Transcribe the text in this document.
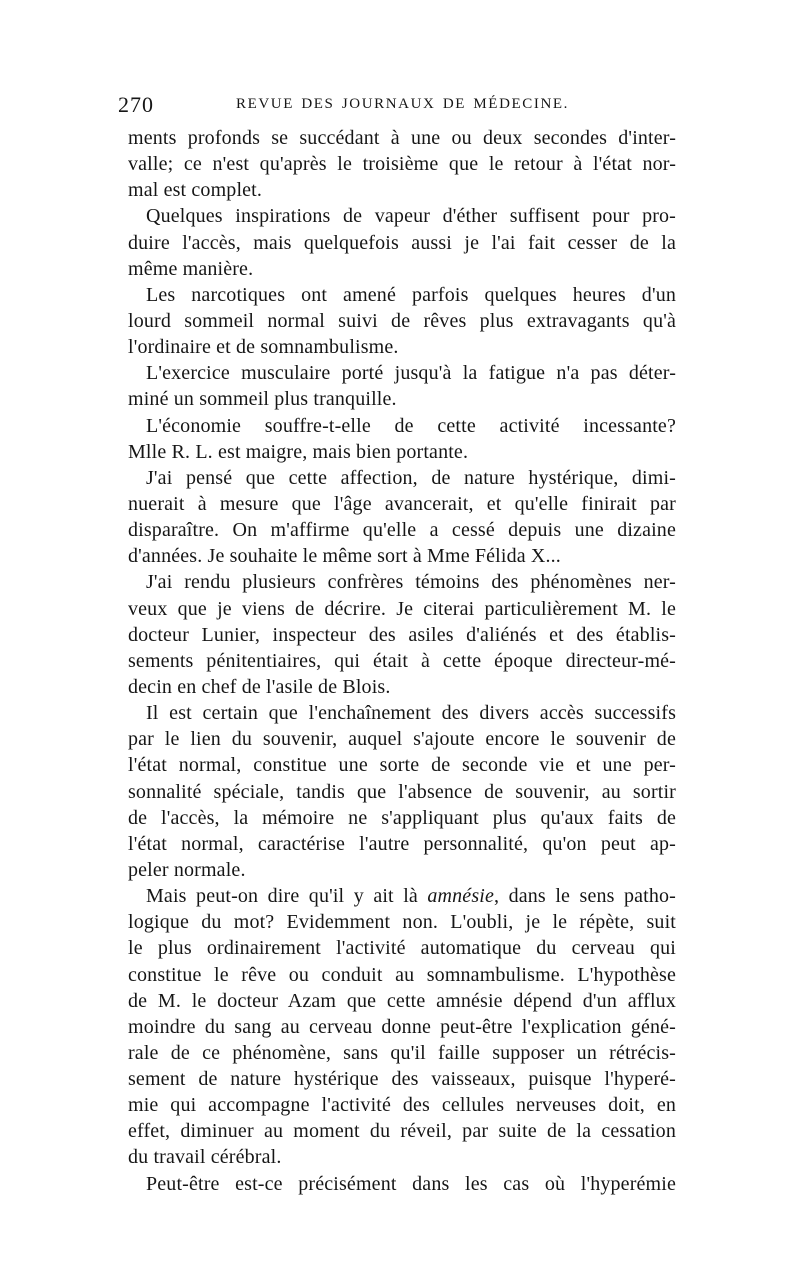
270	REVUE DES JOURNAUX DE MÉDECINE.
ments profonds se succédant à une ou deux secondes d'inter-
valle; ce n'est qu'après le troisième que le retour à l'état nor-
mal est complet.
Quelques inspirations de vapeur d'éther suffisent pour pro-
duire l'accès, mais quelquefois aussi je l'ai fait cesser de la
même manière.
Les narcotiques ont amené parfois quelques heures d'un
lourd sommeil normal suivi de rêves plus extravagants qu'à
l'ordinaire et de somnambulisme.
L'exercice musculaire porté jusqu'à la fatigue n'a pas déter-
miné un sommeil plus tranquille.
L'économie souffre-t-elle de cette activité incessante?
Mlle R. L. est maigre, mais bien portante.
J'ai pensé que cette affection, de nature hystérique, dimi-
nuerait à mesure que l'âge avancerait, et qu'elle finirait par
disparaître. On m'affirme qu'elle a cessé depuis une dizaine
d'années. Je souhaite le même sort à Mme Félida X...
J'ai rendu plusieurs confrères témoins des phénomènes ner-
veux que je viens de décrire. Je citerai particulièrement M. le
docteur Lunier, inspecteur des asiles d'aliénés et des établis-
sements pénitentiaires, qui était à cette époque directeur-mé-
decin en chef de l'asile de Blois.
Il est certain que l'enchaînement des divers accès successifs
par le lien du souvenir, auquel s'ajoute encore le souvenir de
l'état normal, constitue une sorte de seconde vie et une per-
sonnalité spéciale, tandis que l'absence de souvenir, au sortir
de l'accès, la mémoire ne s'appliquant plus qu'aux faits de
l'état normal, caractérise l'autre personnalité, qu'on peut ap-
peler normale.
Mais peut-on dire qu'il y ait là amnésie, dans le sens patho-
logique du mot? Evidemment non. L'oubli, je le répète, suit
le plus ordinairement l'activité automatique du cerveau qui
constitue le rêve ou conduit au somnambulisme. L'hypothèse
de M. le docteur Azam que cette amnésie dépend d'un afflux
moindre du sang au cerveau donne peut-être l'explication géné-
rale de ce phénomène, sans qu'il faille supposer un rétrécis-
sement de nature hystérique des vaisseaux, puisque l'hyperé-
mie qui accompagne l'activité des cellules nerveuses doit, en
effet, diminuer au moment du réveil, par suite de la cessation
du travail cérébral.
Peut-être est-ce précisément dans les cas où l'hyperémie
